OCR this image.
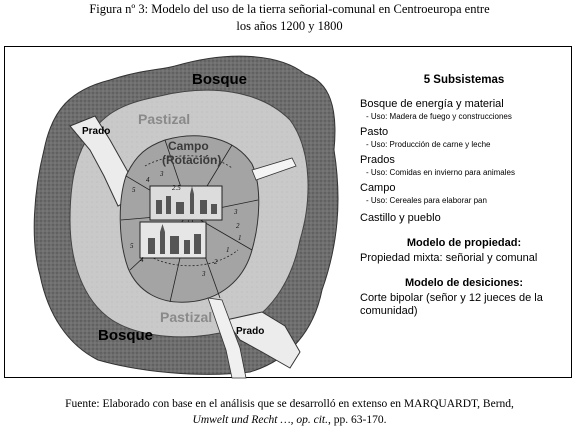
Figura nº 3: Modelo del uso de la tierra señorial-comunal en Centroeuropa entre
los años 1200 y 1800
Bosque
Bosque
Pastizal
Pastizal
Prado
Prado
Campo
(Rotación)
5
4
3
2.5
5
4
3
2
1
3
2
1
5 Subsistemas
Bosque de energía y material
- Uso: Madera de fuego y construcciones
Pasto
- Uso: Producción de carne y leche
Prados
- Uso: Comidas en invierno para animales
Campo
- Uso: Cereales para elaborar pan
Castillo y pueblo
Modelo de propiedad:
Propiedad mixta: señorial y comunal
Modelo de desiciones:
Corte bipolar (señor y 12 jueces de la comunidad)
Fuente: Elaborado con base en el análisis que se desarrolló en extenso en MARQUARDT, Bernd,
Umwelt und Recht …, op. cit., pp. 63-170.
